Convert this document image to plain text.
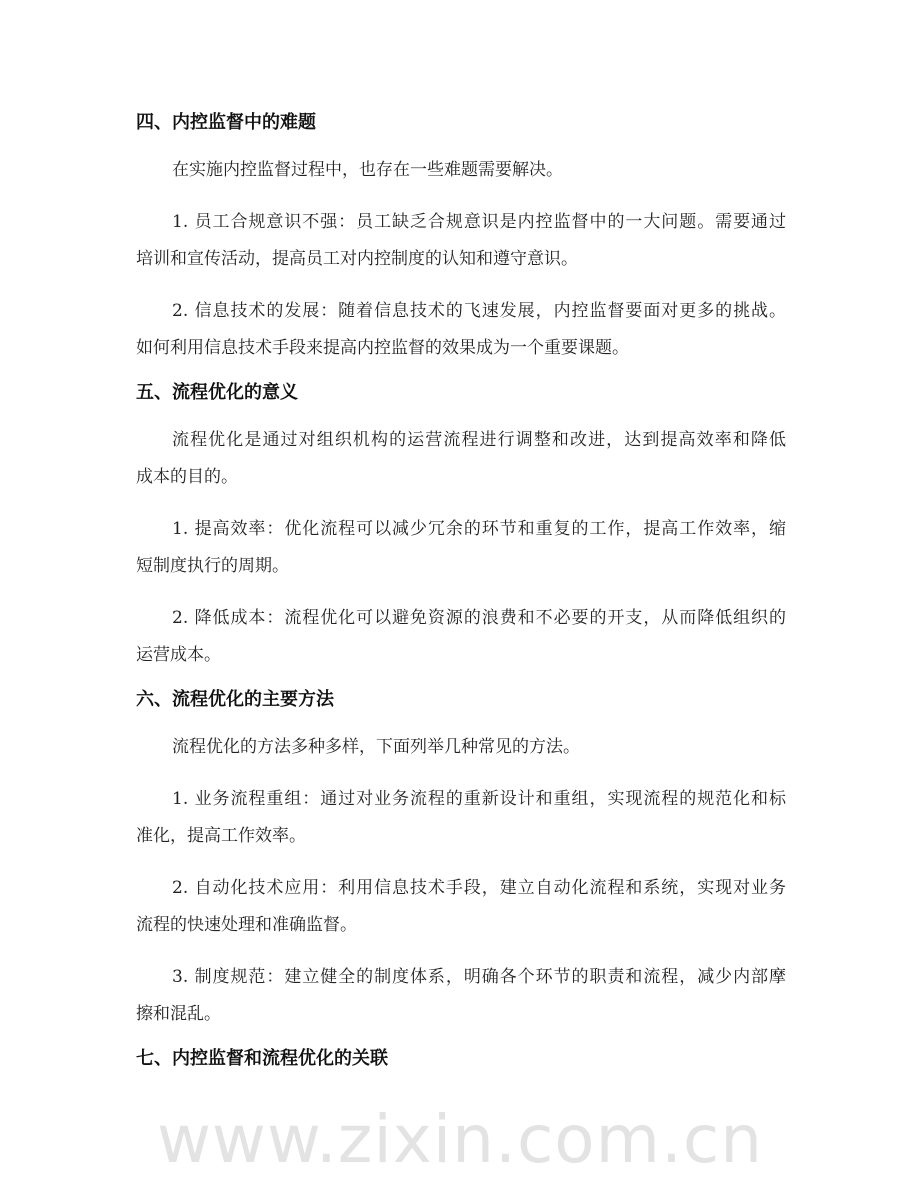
四、内控监督中的难题
在实施内控监督过程中，也存在一些难题需要解决。
1. 员工合规意识不强：员工缺乏合规意识是内控监督中的一大问题。需要通过
培训和宣传活动，提高员工对内控制度的认知和遵守意识。
2. 信息技术的发展：随着信息技术的飞速发展，内控监督要面对更多的挑战。
如何利用信息技术手段来提高内控监督的效果成为一个重要课题。
五、流程优化的意义
流程优化是通过对组织机构的运营流程进行调整和改进，达到提高效率和降低
成本的目的。
1. 提高效率：优化流程可以减少冗余的环节和重复的工作，提高工作效率，缩
短制度执行的周期。
2. 降低成本：流程优化可以避免资源的浪费和不必要的开支，从而降低组织的
运营成本。
六、流程优化的主要方法
流程优化的方法多种多样，下面列举几种常见的方法。
1. 业务流程重组：通过对业务流程的重新设计和重组，实现流程的规范化和标
准化，提高工作效率。
2. 自动化技术应用：利用信息技术手段，建立自动化流程和系统，实现对业务
流程的快速处理和准确监督。
3. 制度规范：建立健全的制度体系，明确各个环节的职责和流程，减少内部摩
擦和混乱。
七、内控监督和流程优化的关联
www.zixin.com.cn
